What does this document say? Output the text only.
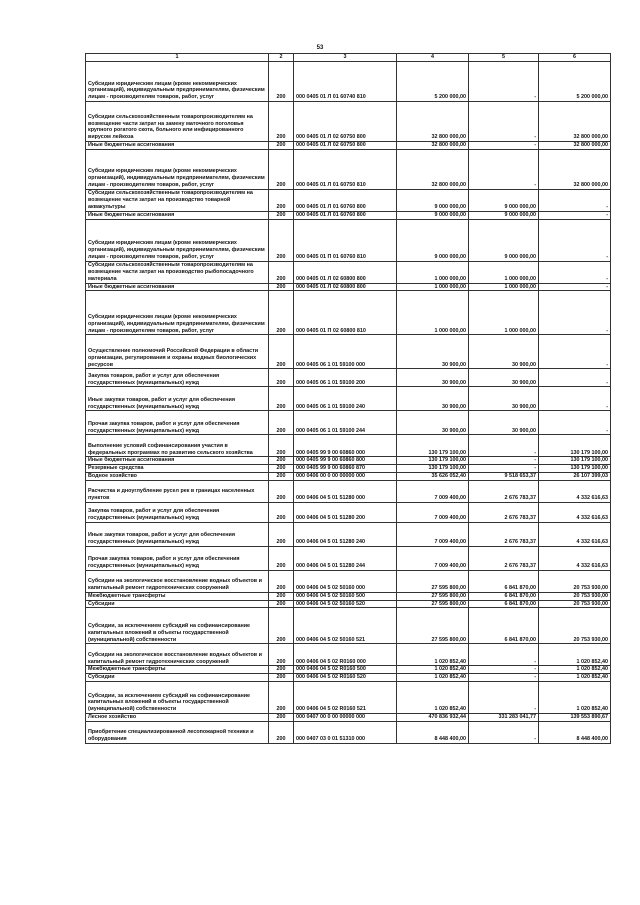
53
1	2	3	4	5	6
Субсидии юридическим лицам (кроме некоммерческих организаций), индивидуальным предпринимателям, физическим лицам - производителям товаров, работ, услуг	200	000 0405 01 Л 01 60740 810	5 200 000,00	-	5 200 000,00
Субсидии сельскохозяйственным товаропроизводителям на возмещение части затрат на замену маточного поголовья крупного рогатого скота, больного или инфицированного вирусом лейкоза	200	000 0405 01 Л 02 60750 800	32 800 000,00	-	32 800 000,00
Иные бюджетные ассигнования	200	000 0405 01 Л 02 60750 800	32 800 000,00	-	32 800 000,00
Субсидии юридическим лицам (кроме некоммерческих организаций), индивидуальным предпринимателям, физическим лицам - производителям товаров, работ, услуг	200	000 0405 01 Л 01 60750 810	32 800 000,00	-	32 800 000,00
Субсидии сельскохозяйственным товаропроизводителям на возмещение части затрат на производство товарной аквакультуры	200	000 0405 01 Л 01 60760 800	9 000 000,00	9 000 000,00	-
Иные бюджетные ассигнования	200	000 0405 01 Л 01 60760 800	9 000 000,00	9 000 000,00	-
Субсидии юридическим лицам (кроме некоммерческих организаций), индивидуальным предпринимателям, физическим лицам - производителям товаров, работ, услуг	200	000 0405 01 П 01 60760 810	9 000 000,00	9 000 000,00	-
Субсидии сельскохозяйственным товаропроизводителям на возмещение части затрат на производство рыбопосадочного материала	200	000 0405 01 Л 02 60800 800	1 000 000,00	1 000 000,00	-
Иные бюджетные ассигнования	200	000 0405 01 Л 02 60800 800	1 000 000,00	1 000 000,00	-
Субсидии юридическим лицам (кроме некоммерческих организаций), индивидуальным предпринимателям, физическим лицам - производителям товаров, работ, услуг	200	000 0405 01 П 02 60800 810	1 000 000,00	1 000 000,00	-
Осуществление полномочий Российской Федерации в области организации, регулирования и охраны водных биологических ресурсов	200	000 0405 06 1 01 59100 000	30 900,00	30 900,00	-
Закупка товаров, работ и услуг для обеспечения государственных (муниципальных) нужд	200	000 0405 06 1 01 59100 200	30 900,00	30 900,00	-
Иные закупки товаров, работ и услуг для обеспечения государственных (муниципальных) нужд	200	000 0405 06 1 01 59100 240	30 900,00	30 900,00	-
Прочая закупка товаров, работ и услуг для обеспечения государственных (муниципальных) нужд	200	000 0405 06 1 01 59100 244	30 900,00	30 900,00	-
Выполнение условий софинансирования участия в федеральных программах по развитию сельского хозяйства	200	000 0405 99 9 00 60860 000	130 179 100,00	-	130 179 100,00
Иные бюджетные ассигнования	200	000 0405 99 9 00 60860 800	130 179 100,00	-	130 179 100,00
Резервные средства	200	000 0405 99 9 00 60860 870	130 179 100,00	-	130 179 100,00
Водное хозяйство	200	000 0406 00 0 00 00000 000	35 626 052,40	9 518 653,37	26 107 399,03
Расчистка и дноуглубление русел рек в границах населенных пунктов	200	000 0406 04 5 01 51280 000	7 009 400,00	2 676 783,37	4 332 616,63
Закупка товаров, работ и услуг для обеспечения государственных (муниципальных) нужд	200	000 0406 04 5 01 51280 200	7 009 400,00	2 676 783,37	4 332 616,63
Иные закупки товаров, работ и услуг для обеспечения государственных (муниципальных) нужд	200	000 0406 04 5 01 51280 240	7 009 400,00	2 676 783,37	4 332 616,63
Прочая закупка товаров, работ и услуг для обеспечения государственных (муниципальных) нужд	200	000 0406 04 5 01 51280 244	7 009 400,00	2 676 783,37	4 332 616,63
Субсидии на экологическое восстановление водных объектов и капитальный ремонт гидротехнических сооружений	200	000 0406 04 5 02 50160 000	27 595 800,00	6 841 870,00	20 753 930,00
Межбюджетные трансферты	200	000 0406 04 5 02 50160 500	27 595 800,00	6 841 870,00	20 753 930,00
Субсидии	200	000 0406 04 5 02 50160 520	27 595 800,00	6 841 870,00	20 753 930,00
Субсидии, за исключением субсидий на софинансирование капитальных вложений в объекты государственной (муниципальной) собственности	200	000 0406 04 5 02 50160 521	27 595 800,00	6 841 870,00	20 753 930,00
Субсидии на экологическое восстановление водных объектов и капитальный ремонт гидротехнических сооружений	200	000 0406 04 5 02 R0160 000	1 020 852,40	-	1 020 852,40
Межбюджетные трансферты	200	000 0406 04 5 02 R0160 500	1 020 852,40	-	1 020 852,40
Субсидии	200	000 0406 04 5 02 R0160 520	1 020 852,40	-	1 020 852,40
Субсидии, за исключением субсидий на софинансирование капитальных вложений в объекты государственной (муниципальной) собственности	200	000 0406 04 5 02 R0160 521	1 020 852,40	-	1 020 852,40
Лесное хозяйство	200	000 0407 00 0 00 00000 000	470 836 932,44	331 283 041,77	139 553 890,67
Приобретение специализированной лесопожарной техники и оборудования	200	000 0407 03 0 01 51310 000	8 448 400,00	-	8 448 400,00
